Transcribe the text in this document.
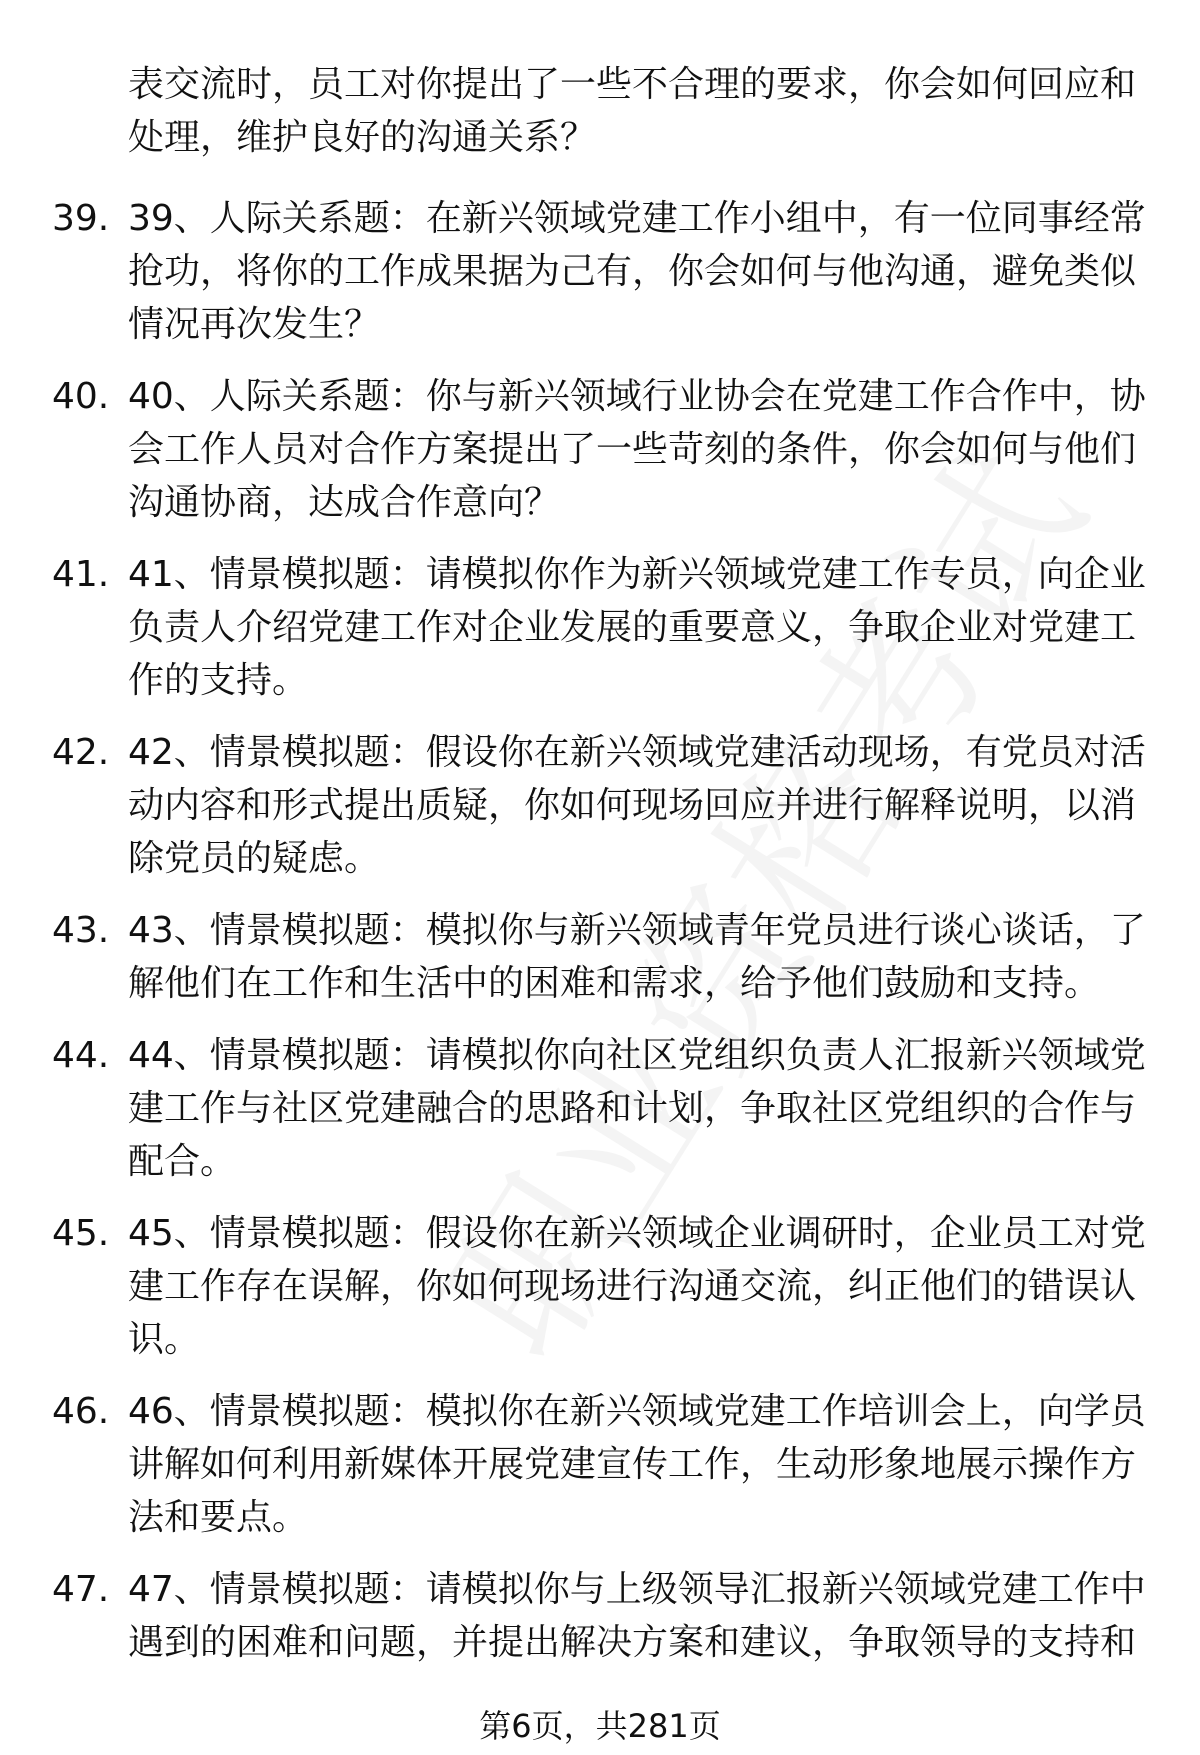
表交流时，员工对你提出了一些不合理的要求，你会如何回应和
处理，维护良好的沟通关系？
39. 39、人际关系题：在新兴领域党建工作小组中，有一位同事经常
抢功，将你的工作成果据为己有，你会如何与他沟通，避免类似
情况再次发生？
40. 40、人际关系题：你与新兴领域行业协会在党建工作合作中，协
会工作人员对合作方案提出了一些苛刻的条件，你会如何与他们
沟通协商，达成合作意向？
41. 41、情景模拟题：请模拟你作为新兴领域党建工作专员，向企业
负责人介绍党建工作对企业发展的重要意义，争取企业对党建工
作的支持。
42. 42、情景模拟题：假设你在新兴领域党建活动现场，有党员对活
动内容和形式提出质疑，你如何现场回应并进行解释说明，以消
除党员的疑虑。
43. 43、情景模拟题：模拟你与新兴领域青年党员进行谈心谈话，了
解他们在工作和生活中的困难和需求，给予他们鼓励和支持。
44. 44、情景模拟题：请模拟你向社区党组织负责人汇报新兴领域党
建工作与社区党建融合的思路和计划，争取社区党组织的合作与
配合。
45. 45、情景模拟题：假设你在新兴领域企业调研时，企业员工对党
建工作存在误解，你如何现场进行沟通交流，纠正他们的错误认
识。
46. 46、情景模拟题：模拟你在新兴领域党建工作培训会上，向学员
讲解如何利用新媒体开展党建宣传工作，生动形象地展示操作方
法和要点。
47. 47、情景模拟题：请模拟你与上级领导汇报新兴领域党建工作中
遇到的困难和问题，并提出解决方案和建议，争取领导的支持和
第6页，共281页
